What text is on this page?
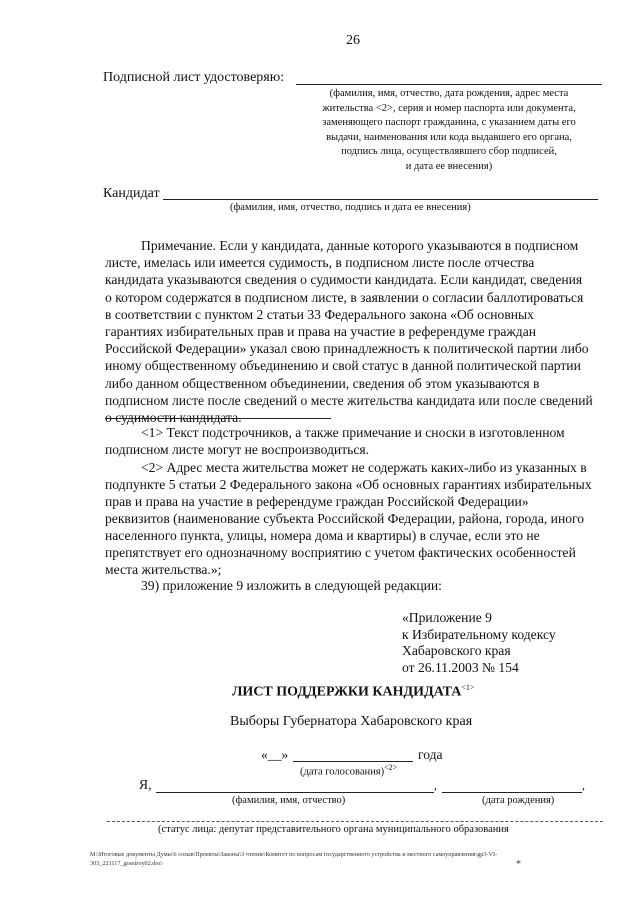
26
Подписной лист удостоверяю:
(фамилия, имя, отчество, дата рождения, адрес места
жительства <2>, серия и номер паспорта или документа,
заменяющего паспорт гражданина, с указанием даты его
выдачи, наименования или кода выдавшего его органа,
подпись лица, осуществлявшего сбор подписей,
и дата ее внесения)
Кандидат
(фамилия, имя, отчество, подпись и дата ее внесения)
Примечание. Если у кандидата, данные которого указываются в подписном
листе, имелась или имеется судимость, в подписном листе после отчества
кандидата указываются сведения о судимости кандидата. Если кандидат, сведения
о котором содержатся в подписном листе, в заявлении о согласии баллотироваться
в соответствии с пунктом 2 статьи 33 Федерального закона «Об основных
гарантиях избирательных прав и права на участие в референдуме граждан
Российской Федерации» указал свою принадлежность к политической партии либо
иному общественному объединению и свой статус в данной политической партии
либо данном общественном объединении, сведения об этом указываются в
подписном листе после сведений о месте жительства кандидата или после сведений
о судимости кандидата.
<1> Текст подстрочников, а также примечание и сноски в изготовленном
подписном листе могут не воспроизводиться.
<2> Адрес места жительства может не содержать каких-либо из указанных в
подпункте 5 статьи 2 Федерального закона «Об основных гарантиях избирательных
прав и права на участие в референдуме граждан Российской Федерации»
реквизитов (наименование субъекта Российской Федерации, района, города, иного
населенного пункта, улицы, номера дома и квартиры) в случае, если это не
препятствует его однозначному восприятию с учетом фактических особенностей
места жительства.»;
39) приложение 9 изложить в следующей редакции:
«Приложение 9
к Избирательному кодексу
Хабаровского края
от 26.11.2003 № 154
ЛИСТ ПОДДЕРЖКИ $КАНДИДАТА^{<1>}$
Выборы Губернатора Хабаровского края
«__»	года
(дата голосования)$^{<2>}$
Я,	,	,
(фамилия, имя, отчество)	(дата рождения)
(статус лица: депутат представительного органа муниципального образования
М:\Итоговые документы Думы\6 созыв\Проекты\Законы\3 чтение\Комитет по вопросам государственного устройства и местного самоуправления\gp3-VI-
303_221117_gosstroy02.doc\	*
